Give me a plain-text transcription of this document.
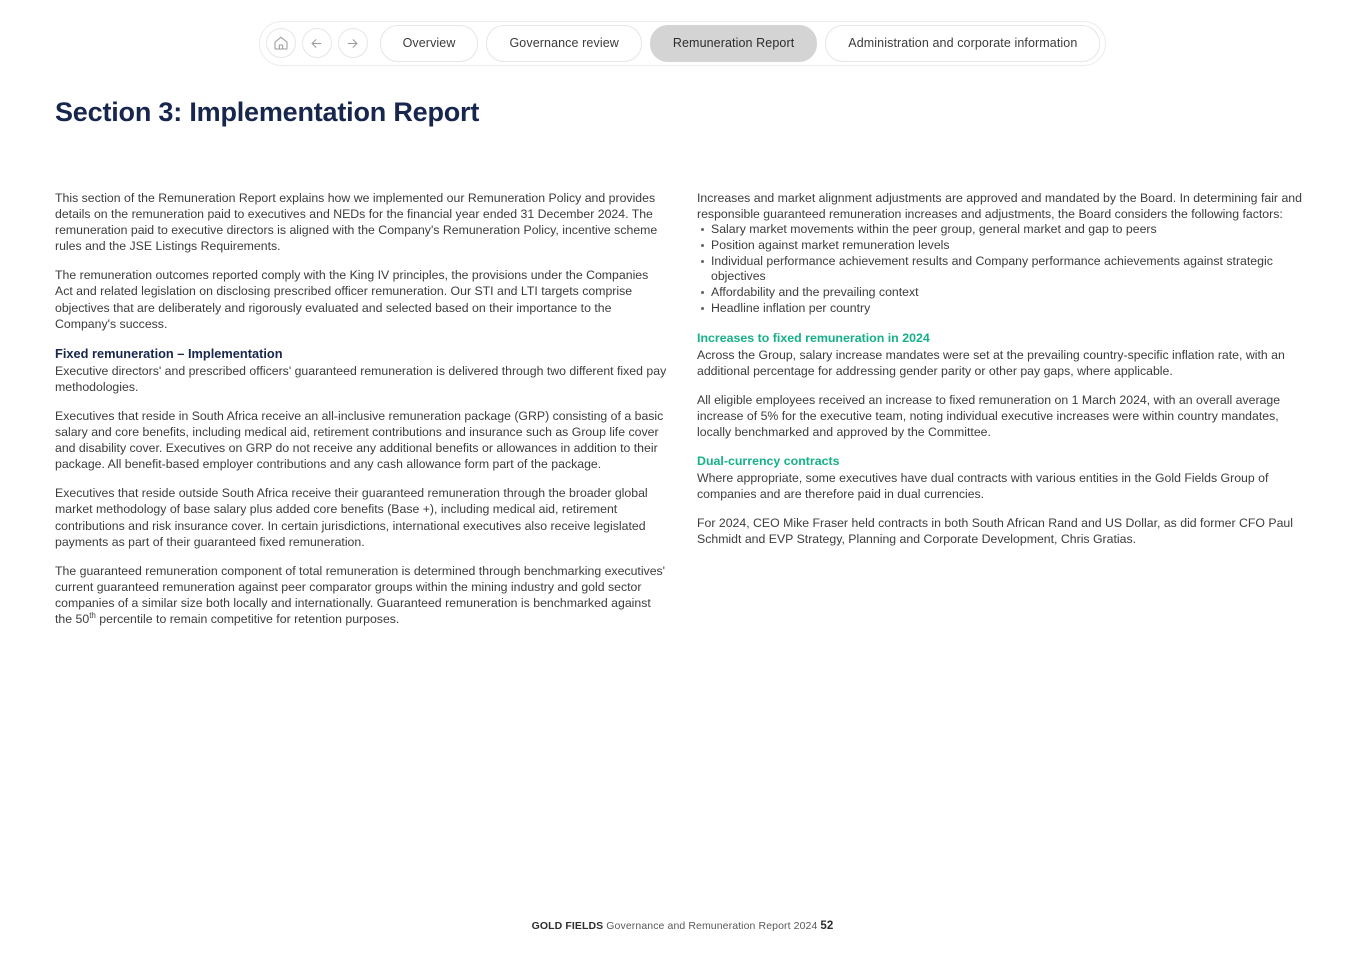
Overview	Governance review	Remuneration Report	Administration and corporate information
Section 3: Implementation Report

This section of the Remuneration Report explains how we implemented our Remuneration Policy and provides details on the remuneration paid to executives and NEDs for the financial year ended 31 December 2024. The remuneration paid to executive directors is aligned with the Company's Remuneration Policy, incentive scheme rules and the JSE Listings Requirements.

The remuneration outcomes reported comply with the King IV principles, the provisions under the Companies Act and related legislation on disclosing prescribed officer remuneration. Our STI and LTI targets comprise objectives that are deliberately and rigorously evaluated and selected based on their importance to the Company's success.

Fixed remuneration – Implementation

Executive directors' and prescribed officers' guaranteed remuneration is delivered through two different fixed pay methodologies.

Executives that reside in South Africa receive an all-inclusive remuneration package (GRP) consisting of a basic salary and core benefits, including medical aid, retirement contributions and insurance such as Group life cover and disability cover. Executives on GRP do not receive any additional benefits or allowances in addition to their package. All benefit-based employer contributions and any cash allowance form part of the package.

Executives that reside outside South Africa receive their guaranteed remuneration through the broader global market methodology of base salary plus added core benefits (Base +), including medical aid, retirement contributions and risk insurance cover. In certain jurisdictions, international executives also receive legislated payments as part of their guaranteed fixed remuneration.

The guaranteed remuneration component of total remuneration is determined through benchmarking executives' current guaranteed remuneration against peer comparator groups within the mining industry and gold sector companies of a similar size both locally and internationally. Guaranteed remuneration is benchmarked against the 50th percentile to remain competitive for retention purposes.

Increases and market alignment adjustments are approved and mandated by the Board. In determining fair and responsible guaranteed remuneration increases and adjustments, the Board considers the following factors:

Salary market movements within the peer group, general market and gap to peers
Position against market remuneration levels
Individual performance achievement results and Company performance achievements against strategic objectives
Affordability and the prevailing context
Headline inflation per country
Increases to fixed remuneration in 2024

Across the Group, salary increase mandates were set at the prevailing country-specific inflation rate, with an additional percentage for addressing gender parity or other pay gaps, where applicable.

All eligible employees received an increase to fixed remuneration on 1 March 2024, with an overall average increase of 5% for the executive team, noting individual executive increases were within country mandates, locally benchmarked and approved by the Committee.

Dual-currency contracts

Where appropriate, some executives have dual contracts with various entities in the Gold Fields Group of companies and are therefore paid in dual currencies.

For 2024, CEO Mike Fraser held contracts in both South African Rand and US Dollar, as did former CFO Paul Schmidt and EVP Strategy, Planning and Corporate Development, Chris Gratias.

GOLD FIELDS Governance and Remuneration Report 2024 52
